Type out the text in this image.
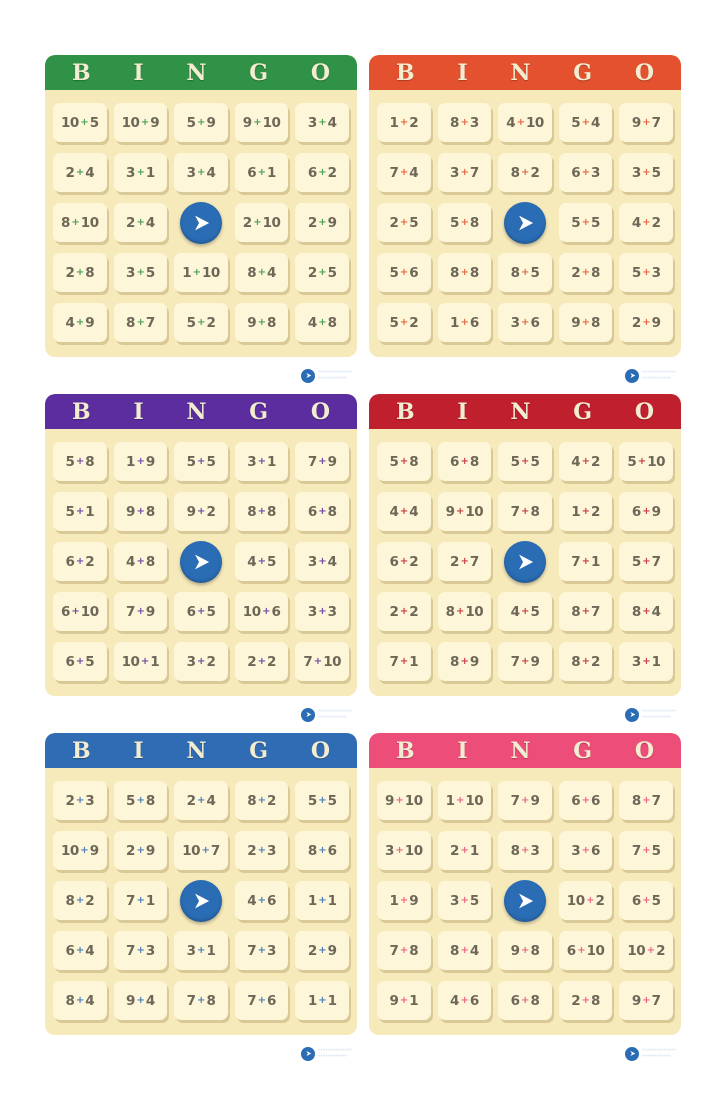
B I N G O
10 + 5 10 + 9 5 + 9 9 + 10 3 + 4
2 + 4 3 + 1 3 + 4 6 + 1 6 + 2
8 + 10 2 + 4	2 + 10 2 + 9
2 + 8 3 + 5 1 + 10 8 + 4 2 + 5
4 + 9 8 + 7 5 + 2 9 + 8 4 + 8
··············
············
B I N G O
1 + 2 8 + 3 4 + 10 5 + 4 9 + 7
7 + 4 3 + 7 8 + 2 6 + 3 3 + 5
2 + 5 5 + 8	5 + 5 4 + 2
5 + 6 8 + 8 8 + 5 2 + 8 5 + 3
5 + 2 1 + 6 3 + 6 9 + 8 2 + 9
··············
············
B I N G O
5 + 8 1 + 9 5 + 5 3 + 1 7 + 9
5 + 1 9 + 8 9 + 2 8 + 8 6 + 8
6 + 2 4 + 8	4 + 5 3 + 4
6 + 10 7 + 9 6 + 5 10 + 6 3 + 3
6 + 5 10 + 1 3 + 2 2 + 2 7 + 10
··············
············
B I N G O
5 + 8 6 + 8 5 + 5 4 + 2 5 + 10
4 + 4 9 + 10 7 + 8 1 + 2 6 + 9
6 + 2 2 + 7	7 + 1 5 + 7
2 + 2 8 + 10 4 + 5 8 + 7 8 + 4
7 + 1 8 + 9 7 + 9 8 + 2 3 + 1
··············
············
B I N G O
2 + 3 5 + 8 2 + 4 8 + 2 5 + 5
10 + 9 2 + 9 10 + 7 2 + 3 8 + 6
8 + 2 7 + 1	4 + 6 1 + 1
6 + 4 7 + 3 3 + 1 7 + 3 2 + 9
8 + 4 9 + 4 7 + 8 7 + 6 1 + 1
··············
············
B I N G O
9 + 10 1 + 10 7 + 9 6 + 6 8 + 7
3 + 10 2 + 1 8 + 3 3 + 6 7 + 5
1 + 9 3 + 5	10 + 2 6 + 5
7 + 8 8 + 4 9 + 8 6 + 10 10 + 2
9 + 1 4 + 6 6 + 8 2 + 8 9 + 7
··············
············
